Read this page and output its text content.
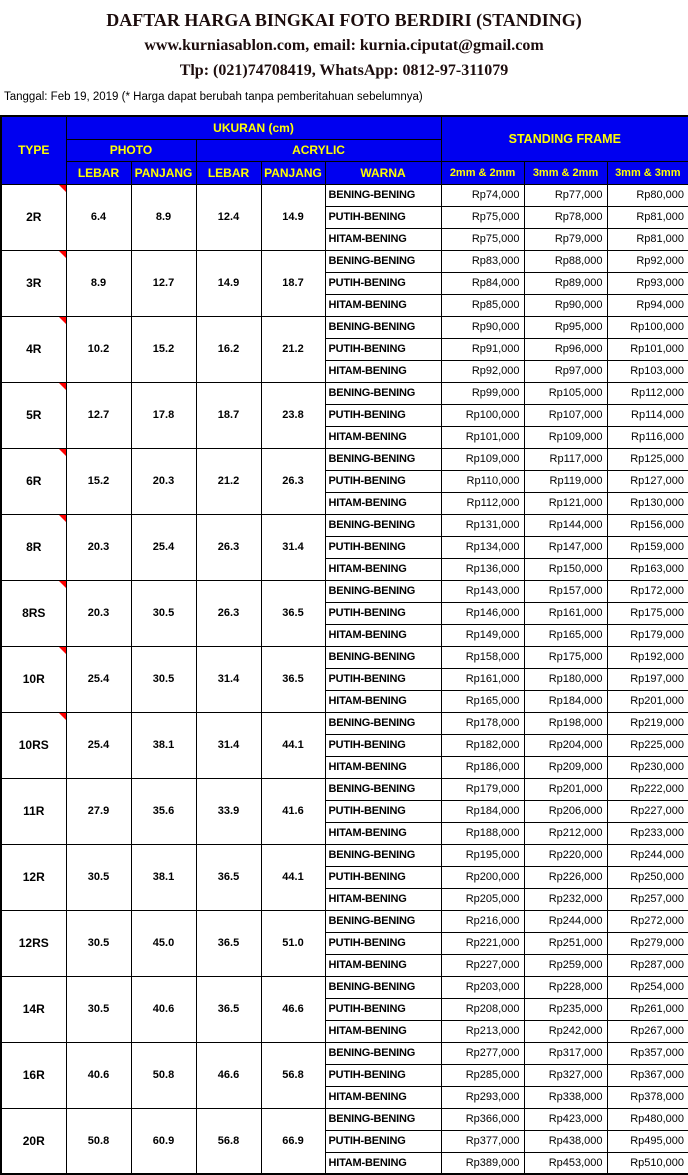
DAFTAR HARGA BINGKAI FOTO BERDIRI (STANDING)
www.kurniasablon.com, email: kurnia.ciputat@gmail.com
Tlp: (021)74708419, WhatsApp: 0812-97-311079
Tanggal: Feb 19, 2019 (* Harga dapat berubah tanpa pemberitahuan sebelumnya)
TYPE	UKURAN (cm)					STANDING FRAME		
	PHOTO		ACRYLIC					
	LEBAR	PANJANG	LEBAR	PANJANG	WARNA	2mm & 2mm	3mm & 2mm	3mm & 3mm
2R	6.4	8.9	12.4	14.9	BENING-BENING	Rp74,000	Rp77,000	Rp80,000
					PUTIH-BENING	Rp75,000	Rp78,000	Rp81,000
					HITAM-BENING	Rp75,000	Rp79,000	Rp81,000
3R	8.9	12.7	14.9	18.7	BENING-BENING	Rp83,000	Rp88,000	Rp92,000
					PUTIH-BENING	Rp84,000	Rp89,000	Rp93,000
					HITAM-BENING	Rp85,000	Rp90,000	Rp94,000
4R	10.2	15.2	16.2	21.2	BENING-BENING	Rp90,000	Rp95,000	Rp100,000
					PUTIH-BENING	Rp91,000	Rp96,000	Rp101,000
					HITAM-BENING	Rp92,000	Rp97,000	Rp103,000
5R	12.7	17.8	18.7	23.8	BENING-BENING	Rp99,000	Rp105,000	Rp112,000
					PUTIH-BENING	Rp100,000	Rp107,000	Rp114,000
					HITAM-BENING	Rp101,000	Rp109,000	Rp116,000
6R	15.2	20.3	21.2	26.3	BENING-BENING	Rp109,000	Rp117,000	Rp125,000
					PUTIH-BENING	Rp110,000	Rp119,000	Rp127,000
					HITAM-BENING	Rp112,000	Rp121,000	Rp130,000
8R	20.3	25.4	26.3	31.4	BENING-BENING	Rp131,000	Rp144,000	Rp156,000
					PUTIH-BENING	Rp134,000	Rp147,000	Rp159,000
					HITAM-BENING	Rp136,000	Rp150,000	Rp163,000
8RS	20.3	30.5	26.3	36.5	BENING-BENING	Rp143,000	Rp157,000	Rp172,000
					PUTIH-BENING	Rp146,000	Rp161,000	Rp175,000
					HITAM-BENING	Rp149,000	Rp165,000	Rp179,000
10R	25.4	30.5	31.4	36.5	BENING-BENING	Rp158,000	Rp175,000	Rp192,000
					PUTIH-BENING	Rp161,000	Rp180,000	Rp197,000
					HITAM-BENING	Rp165,000	Rp184,000	Rp201,000
10RS	25.4	38.1	31.4	44.1	BENING-BENING	Rp178,000	Rp198,000	Rp219,000
					PUTIH-BENING	Rp182,000	Rp204,000	Rp225,000
					HITAM-BENING	Rp186,000	Rp209,000	Rp230,000
11R	27.9	35.6	33.9	41.6	BENING-BENING	Rp179,000	Rp201,000	Rp222,000
					PUTIH-BENING	Rp184,000	Rp206,000	Rp227,000
					HITAM-BENING	Rp188,000	Rp212,000	Rp233,000
12R	30.5	38.1	36.5	44.1	BENING-BENING	Rp195,000	Rp220,000	Rp244,000
					PUTIH-BENING	Rp200,000	Rp226,000	Rp250,000
					HITAM-BENING	Rp205,000	Rp232,000	Rp257,000
12RS	30.5	45.0	36.5	51.0	BENING-BENING	Rp216,000	Rp244,000	Rp272,000
					PUTIH-BENING	Rp221,000	Rp251,000	Rp279,000
					HITAM-BENING	Rp227,000	Rp259,000	Rp287,000
14R	30.5	40.6	36.5	46.6	BENING-BENING	Rp203,000	Rp228,000	Rp254,000
					PUTIH-BENING	Rp208,000	Rp235,000	Rp261,000
					HITAM-BENING	Rp213,000	Rp242,000	Rp267,000
16R	40.6	50.8	46.6	56.8	BENING-BENING	Rp277,000	Rp317,000	Rp357,000
					PUTIH-BENING	Rp285,000	Rp327,000	Rp367,000
					HITAM-BENING	Rp293,000	Rp338,000	Rp378,000
20R	50.8	60.9	56.8	66.9	BENING-BENING	Rp366,000	Rp423,000	Rp480,000
					PUTIH-BENING	Rp377,000	Rp438,000	Rp495,000
					HITAM-BENING	Rp389,000	Rp453,000	Rp510,000
